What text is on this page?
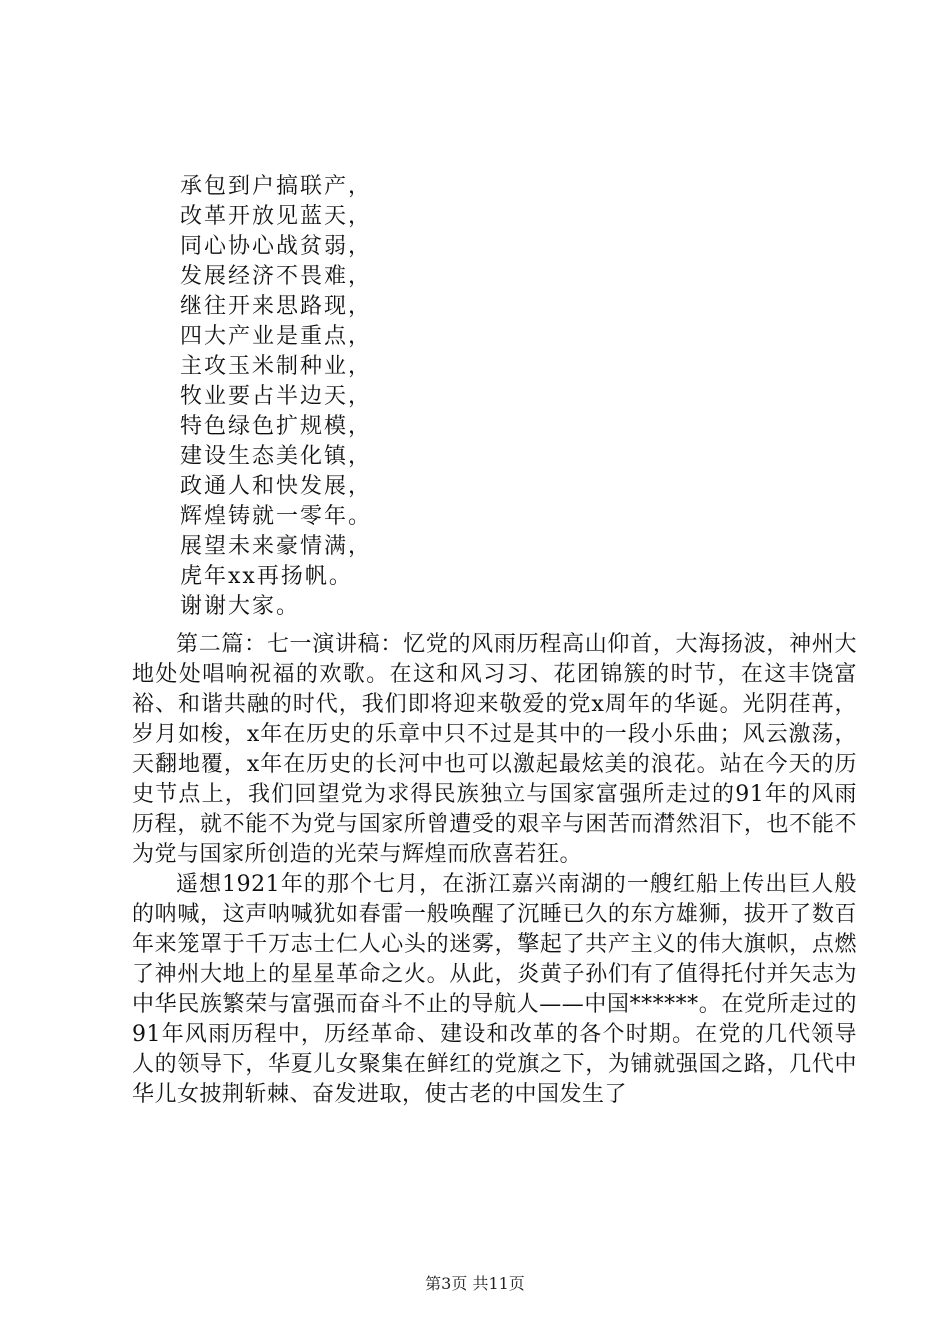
承包到户搞联产，
改革开放见蓝天，
同心协心战贫弱，
发展经济不畏难，
继往开来思路现，
四大产业是重点，
主攻玉米制种业，
牧业要占半边天，
特色绿色扩规模，
建设生态美化镇，
政通人和快发展，
辉煌铸就一零年。
展望未来豪情满，
虎年xx再扬帆。
谢谢大家。

第二篇：七一演讲稿：忆党的风雨历程高山仰首，大海扬波，神州大地处处唱响祝福的欢歌。在这和风习习、花团锦簇的时节，在这丰饶富裕、和谐共融的时代，我们即将迎来敬爱的党x周年的华诞。光阴荏苒，岁月如梭，x年在历史的乐章中只不过是其中的一段小乐曲；风云激荡，天翻地覆，x年在历史的长河中也可以激起最炫美的浪花。站在今天的历史节点上，我们回望党为求得民族独立与国家富强所走过的91年的风雨历程，就不能不为党与国家所曾遭受的艰辛与困苦而潸然泪下，也不能不为党与国家所创造的光荣与辉煌而欣喜若狂。

遥想1921年的那个七月，在浙江嘉兴南湖的一艘红船上传出巨人般的呐喊，这声呐喊犹如春雷一般唤醒了沉睡已久的东方雄狮，拔开了数百年来笼罩于千万志士仁人心头的迷雾，擎起了共产主义的伟大旗帜，点燃了神州大地上的星星革命之火。从此，炎黄子孙们有了值得托付并矢志为中华民族繁荣与富强而奋斗不止的导航人——中国******。在党所走过的91年风雨历程中，历经革命、建设和改革的各个时期。在党的几代领导人的领导下，华夏儿女聚集在鲜红的党旗之下，为铺就强国之路，几代中华儿女披荆斩棘、奋发进取，使古老的中国发生了

第3页 共11页
